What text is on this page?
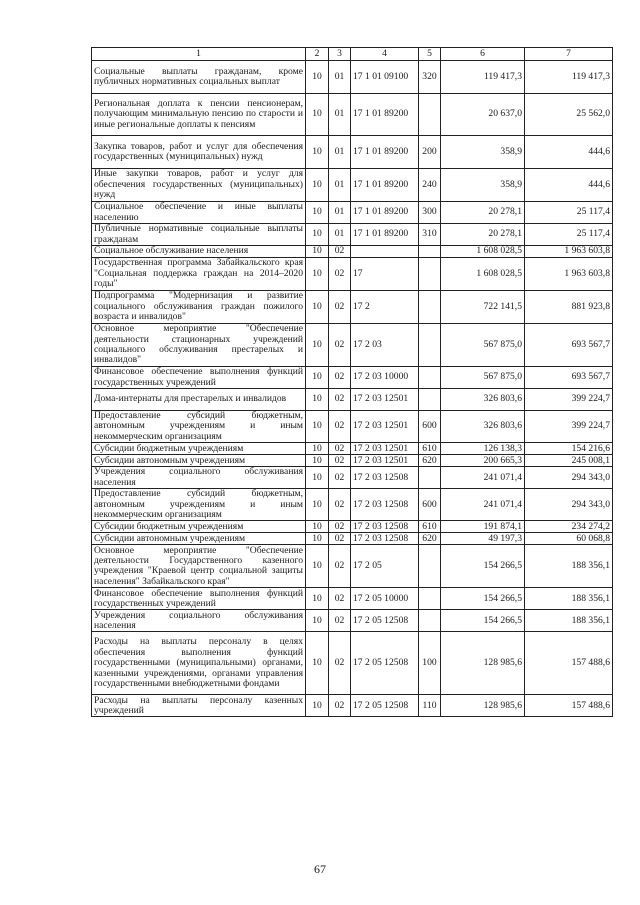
1	2	3	4	5	6	7
Социальные выплаты гражданам, кроме публичных нормативных социальных выплат	10	01	17 1 01 09100	320	119 417,3	119 417,3
Региональная доплата к пенсии пенсионерам, получающим минимальную пенсию по старости и иные региональные доплаты к пенсиям	10	01	17 1 01 89200		20 637,0	25 562,0
Закупка товаров, работ и услуг для обеспечения государственных (муниципальных) нужд	10	01	17 1 01 89200	200	358,9	444,6
Иные закупки товаров, работ и услуг для обеспечения государственных (муниципальных) нужд	10	01	17 1 01 89200	240	358,9	444,6
Социальное обеспечение и иные выплаты населению	10	01	17 1 01 89200	300	20 278,1	25 117,4
Публичные нормативные социальные выплаты гражданам	10	01	17 1 01 89200	310	20 278,1	25 117,4
Социальное обслуживание населения	10	02			1 608 028,5	1 963 603,8
Государственная программа Забайкальского края "Социальная поддержка граждан на 2014–2020 годы"	10	02	17		1 608 028,5	1 963 603,8
Подпрограмма "Модернизация и развитие социального обслуживания граждан пожилого возраста и инвалидов"	10	02	17 2		722 141,5	881 923,8
Основное мероприятие "Обеспечение деятельности стационарных учреждений социального обслуживания престарелых и инвалидов"	10	02	17 2 03		567 875,0	693 567,7
Финансовое обеспечение выполнения функций государственных учреждений	10	02	17 2 03 10000		567 875,0	693 567,7
Дома-интернаты для престарелых и инвалидов	10	02	17 2 03 12501		326 803,6	399 224,7
Предоставление субсидий бюджетным, автономным учреждениям и иным некоммерческим организациям	10	02	17 2 03 12501	600	326 803,6	399 224,7
Субсидии бюджетным учреждениям	10	02	17 2 03 12501	610	126 138,3	154 216,6
Субсидии автономным учреждениям	10	02	17 2 03 12501	620	200 665,3	245 008,1
Учреждения социального обслуживания населения	10	02	17 2 03 12508		241 071,4	294 343,0
Предоставление субсидий бюджетным, автономным учреждениям и иным некоммерческим организациям	10	02	17 2 03 12508	600	241 071,4	294 343,0
Субсидии бюджетным учреждениям	10	02	17 2 03 12508	610	191 874,1	234 274,2
Субсидии автономным учреждениям	10	02	17 2 03 12508	620	49 197,3	60 068,8
Основное мероприятие "Обеспечение деятельности Государственного казенного учреждения "Краевой центр социальной защиты населения" Забайкальского края"	10	02	17 2 05		154 266,5	188 356,1
Финансовое обеспечение выполнения функций государственных учреждений	10	02	17 2 05 10000		154 266,5	188 356,1
Учреждения социального обслуживания населения	10	02	17 2 05 12508		154 266,5	188 356,1
Расходы на выплаты персоналу в целях обеспечения выполнения функций государственными (муниципальными) органами, казенными учреждениями, органами управления государственными внебюджетными фондами	10	02	17 2 05 12508	100	128 985,6	157 488,6
Расходы на выплаты персоналу казенных учреждений	10	02	17 2 05 12508	110	128 985,6	157 488,6
67
